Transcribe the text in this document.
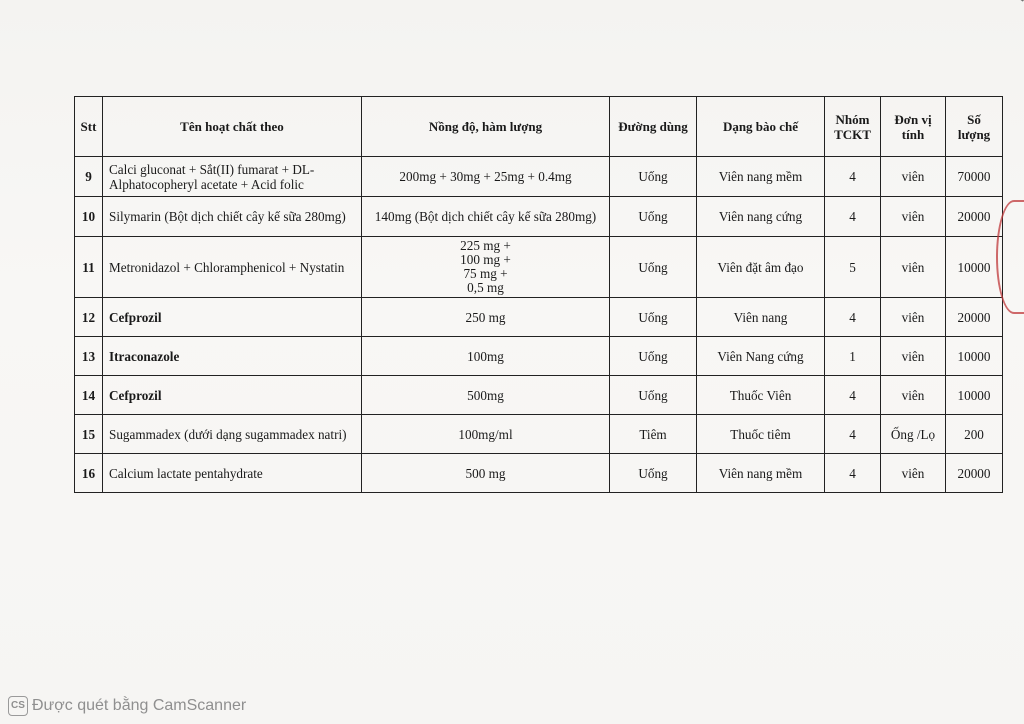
Stt	Tên hoạt chất theo	Nồng độ, hàm lượng	Đường dùng	Dạng bào chế	Nhóm TCKT	Đơn vị tính	Số lượng
9	Calci gluconat + Sắt(II) fumarat + DL-Alphatocopheryl acetate + Acid folic	200mg + 30mg + 25mg + 0.4mg	Uống	Viên nang mềm	4	viên	70000
10	Silymarin (Bột dịch chiết cây kế sữa 280mg)	140mg (Bột dịch chiết cây kế sữa 280mg)	Uống	Viên nang cứng	4	viên	20000
11	Metronidazol + Chloramphenicol + Nystatin	225 mg +
100 mg +
75 mg +
0,5 mg	Uống	Viên đặt âm đạo	5	viên	10000
12	Cefprozil	250 mg	Uống	Viên nang	4	viên	20000
13	Itraconazole	100mg	Uống	Viên Nang cứng	1	viên	10000
14	Cefprozil	500mg	Uống	Thuốc Viên	4	viên	10000
15	Sugammadex (dưới dạng sugammadex natri)	100mg/ml	Tiêm	Thuốc tiêm	4	Ống /Lọ	200
16	Calcium lactate pentahydrate	500 mg	Uống	Viên nang mềm	4	viên	20000
CS Được quét bằng CamScanner
